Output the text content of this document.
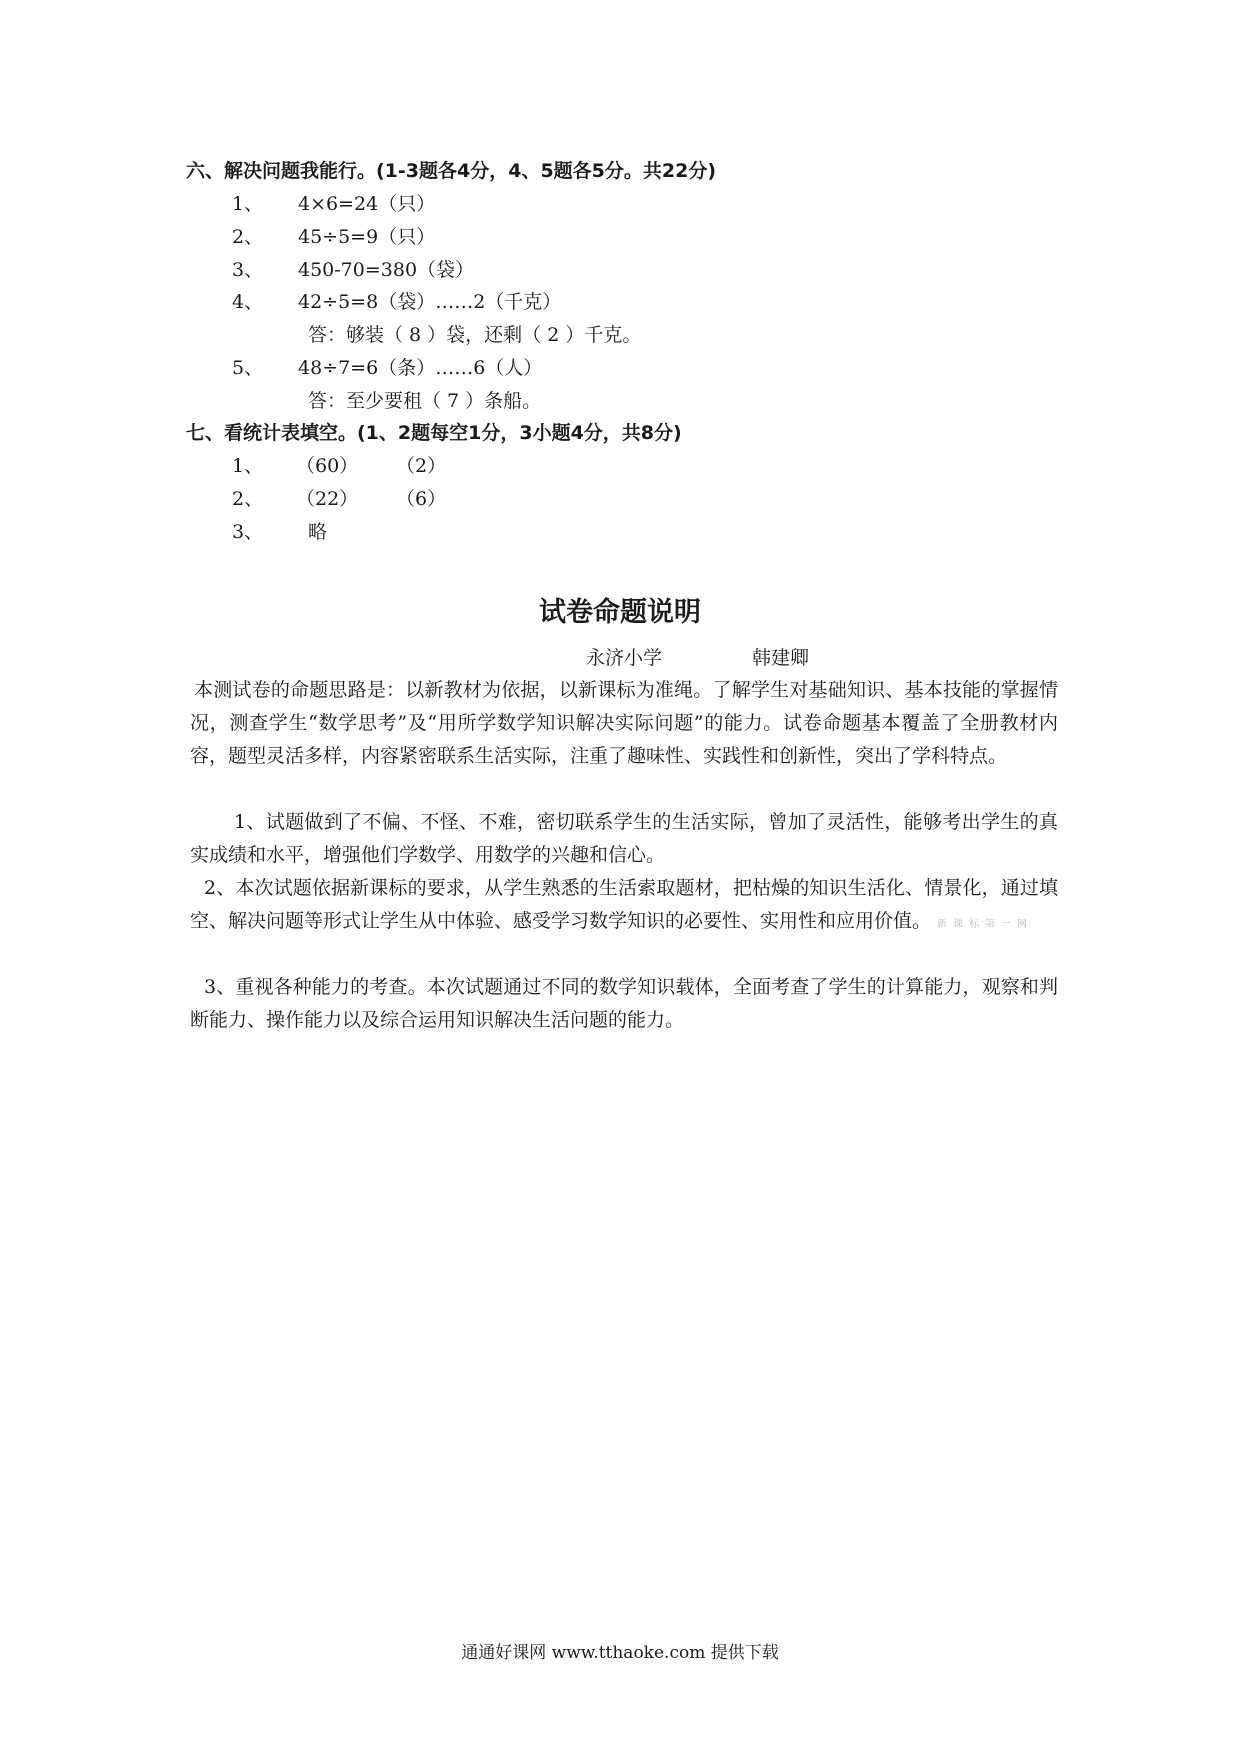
六、解决问题我能行。(1-3题各4分，4、5题各5分。共22分)
1、 4×6=24（只）
2、 45÷5=9（只）
3、 450-70=380（袋）
4、 42÷5=8（袋）……2（千克）
答：够装（ 8 ）袋，还剩（ 2 ）千克。
5、 48÷7=6（条）……6（人）
答：至少要租（ 7 ）条船。
七、看统计表填空。(1、2题每空1分，3小题4分，共8分)
1、 （60） （2）
2、 （22） （6）
3、 略
试卷命题说明
永济小学	韩建卿
本测试卷的命题思路是：以新教材为依据，以新课标为准绳。了解学生对基础知识、基本技能的掌握情况，测查学生“数学思考”及“用所学数学知识解决实际问题”的能力。试卷命题基本覆盖了全册教材内容，题型灵活多样，内容紧密联系生活实际，注重了趣味性、实践性和创新性，突出了学科特点。
1、试题做到了不偏、不怪、不难，密切联系学生的生活实际，曾加了灵活性，能够考出学生的真实成绩和水平，增强他们学数学、用数学的兴趣和信心。
2、本次试题依据新课标的要求，从学生熟悉的生活索取题材，把枯燥的知识生活化、情景化，通过填空、解决问题等形式让学生从中体验、感受学习数学知识的必要性、实用性和应用价值。 新课标第一网
3、重视各种能力的考查。本次试题通过不同的数学知识载体，全面考查了学生的计算能力，观察和判断能力、操作能力以及综合运用知识解决生活问题的能力。
通通好课网 www.tthaoke.com 提供下载
